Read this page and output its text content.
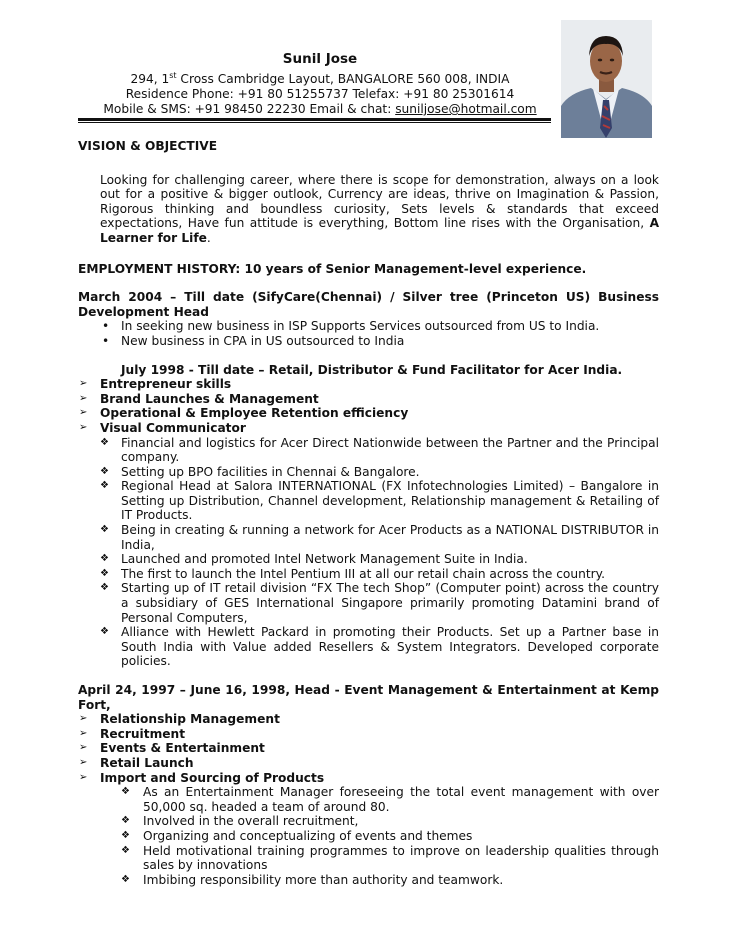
Sunil Jose
294, 1st Cross Cambridge Layout, BANGALORE 560 008, INDIA
Residence Phone: +91 80 51255737 Telefax: +91 80 25301614
Mobile & SMS: +91 98450 22230 Email & chat: suniljose@hotmail.com

VISION & OBJECTIVE

Looking for challenging career, where there is scope for demonstration, always on a look out for a positive & bigger outlook, Currency are ideas, thrive on Imagination & Passion, Rigorous thinking and boundless curiosity, Sets levels & standards that exceed expectations, Have fun attitude is everything, Bottom line rises with the Organisation, A Learner for Life.

EMPLOYMENT HISTORY: 10 years of Senior Management-level experience.

March 2004 – Till date (SifyCare(Chennai) / Silver tree (Princeton US) Business Development Head

• In seeking new business in ISP Supports Services outsourced from US to India.
• New business in CPA in US outsourced to India

July 1998 - Till date – Retail, Distributor & Fund Facilitator for Acer India.

➢ Entrepreneur skills
➢ Brand Launches & Management
➢ Operational & Employee Retention efficiency
➢ Visual Communicator
❖ Financial and logistics for Acer Direct Nationwide between the Partner and the Principal company.
❖ Setting up BPO facilities in Chennai & Bangalore.
❖ Regional Head at Salora INTERNATIONAL (FX Infotechnologies Limited) – Bangalore in Setting up Distribution, Channel development, Relationship management & Retailing of IT Products.
❖ Being in creating & running a network for Acer Products as a NATIONAL DISTRIBUTOR in India,
❖ Launched and promoted Intel Network Management Suite in India.
❖ The first to launch the Intel Pentium III at all our retail chain across the country.
❖ Starting up of IT retail division “FX The tech Shop” (Computer point) across the country a subsidiary of GES International Singapore primarily promoting Datamini brand of Personal Computers,
❖ Alliance with Hewlett Packard in promoting their Products. Set up a Partner base in South India with Value added Resellers & System Integrators. Developed corporate policies.

April 24, 1997 – June 16, 1998, Head - Event Management & Entertainment at Kemp Fort,

➢ Relationship Management
➢ Recruitment
➢ Events & Entertainment
➢ Retail Launch
➢ Import and Sourcing of Products
❖ As an Entertainment Manager foreseeing the total event management with over 50,000 sq. headed a team of around 80.
❖ Involved in the overall recruitment,
❖ Organizing and conceptualizing of events and themes
❖ Held motivational training programmes to improve on leadership qualities through sales by innovations
❖ Imbibing responsibility more than authority and teamwork.
